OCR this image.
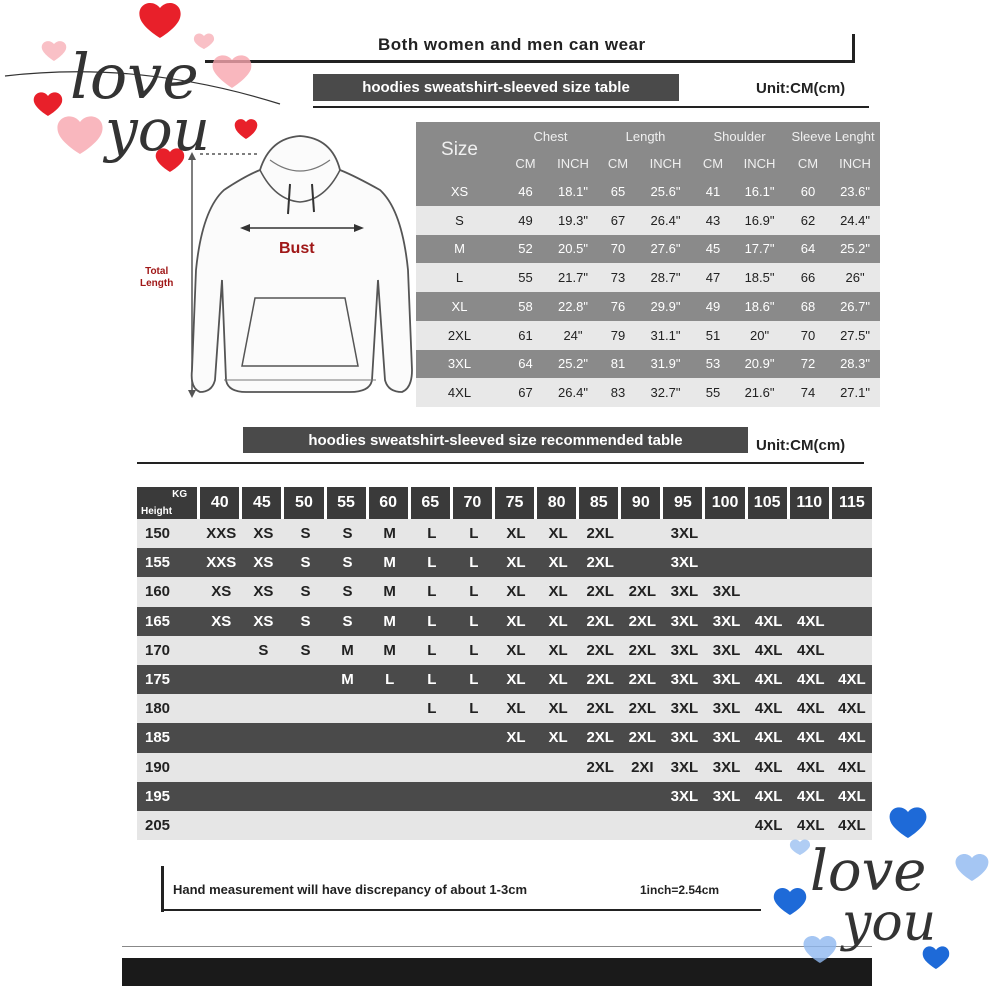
Both women and men can wear
hoodies sweatshirt-sleeved size table	Unit:CM(cm)
Bust
Total
Length
Size	Chest		Length		Shoulder		Sleeve Lenght	
	CM	INCH	CM	INCH	CM	INCH	CM	INCH
XS	46	18.1"	65	25.6"	41	16.1"	60	23.6"
S	49	19.3"	67	26.4"	43	16.9"	62	24.4"
M	52	20.5"	70	27.6"	45	17.7"	64	25.2"
L	55	21.7"	73	28.7"	47	18.5"	66	26"
XL	58	22.8"	76	29.9"	49	18.6"	68	26.7"
2XL	61	24"	79	31.1"	51	20"	70	27.5"
3XL	64	25.2"	81	31.9"	53	20.9"	72	28.3"
4XL	67	26.4"	83	32.7"	55	21.6"	74	27.1"
hoodies sweatshirt-sleeved size recommended table	Unit:CM(cm)
KG
Height	40	45	50	55	60	65	70	75	80	85	90	95	100	105	110	115
150	XXS	XS	S	S	M	L	L	XL	XL	2XL		3XL				
155	XXS	XS	S	S	M	L	L	XL	XL	2XL		3XL				
160	XS	XS	S	S	M	L	L	XL	XL	2XL	2XL	3XL	3XL			
165	XS	XS	S	S	M	L	L	XL	XL	2XL	2XL	3XL	3XL	4XL	4XL	
170		S	S	M	M	L	L	XL	XL	2XL	2XL	3XL	3XL	4XL	4XL	
175				M	L	L	L	XL	XL	2XL	2XL	3XL	3XL	4XL	4XL	4XL
180						L	L	XL	XL	2XL	2XL	3XL	3XL	4XL	4XL	4XL
185								XL	XL	2XL	2XL	3XL	3XL	4XL	4XL	4XL
190										2XL	2XI	3XL	3XL	4XL	4XL	4XL
195												3XL	3XL	4XL	4XL	4XL
205														4XL	4XL	4XL
Hand measurement will have discrepancy of about 1-3cm	1inch=2.54cm
love
you
love
you
